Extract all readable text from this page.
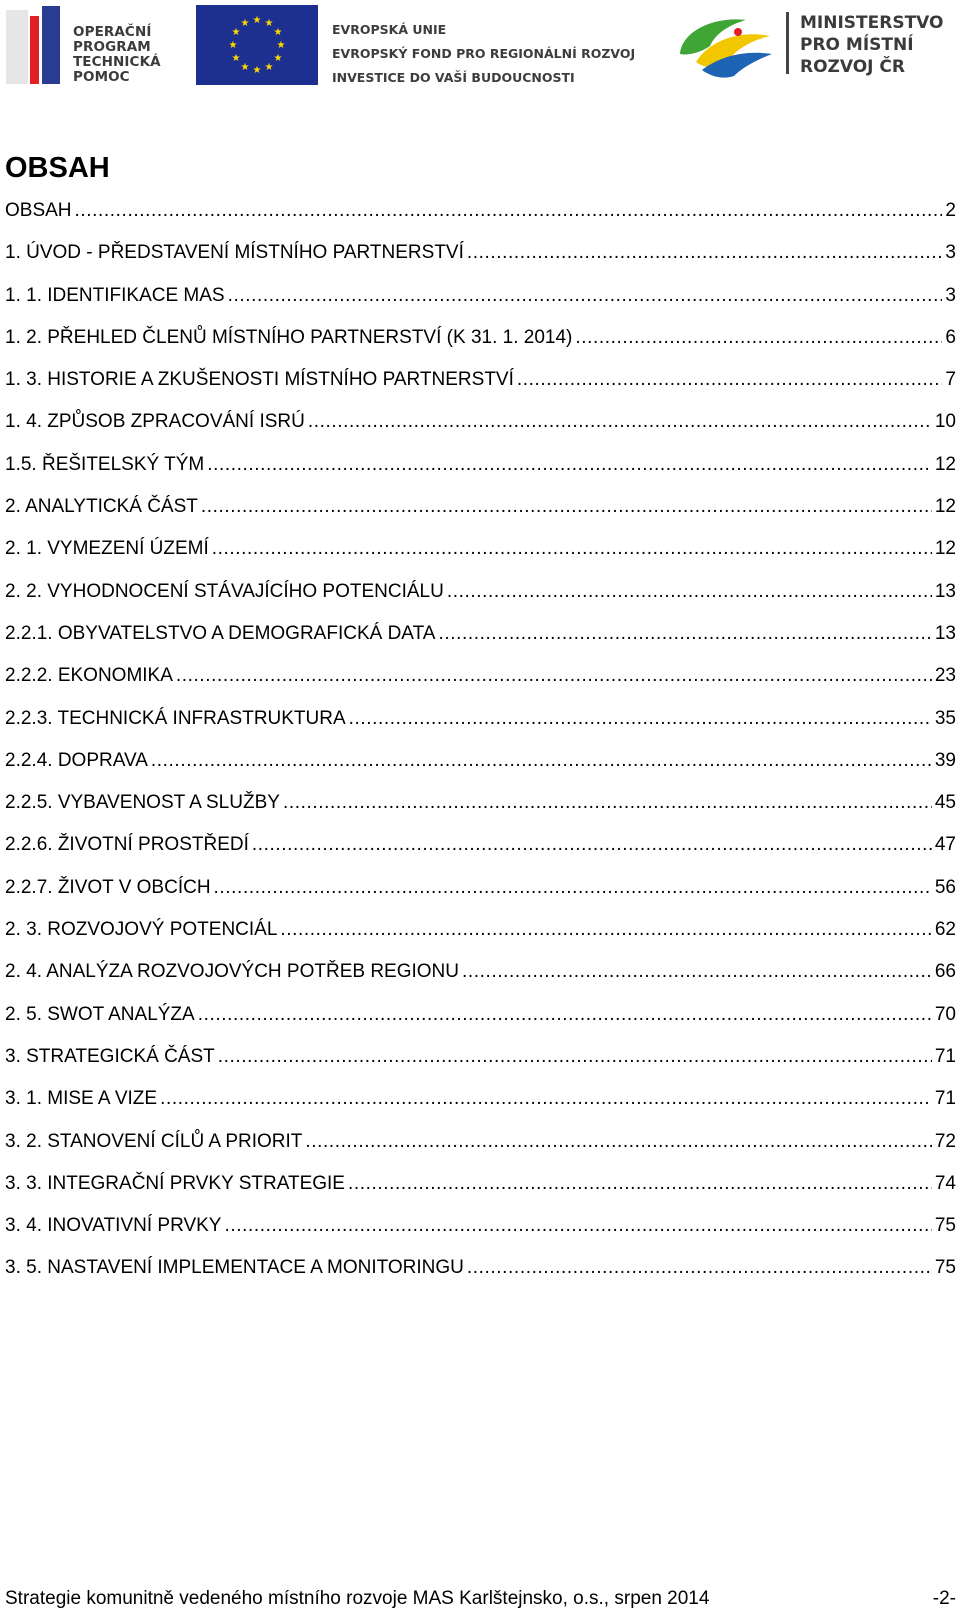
OPERAČNÍ
PROGRAM
TECHNICKÁ
POMOC
★ ★
★
★
★
★
★
★
★
★
★
★	EVROPSKÁ UNIE
EVROPSKÝ FOND PRO REGIONÁLNÍ ROZVOJ
INVESTICE DO VAŠÍ BUDOUCNOSTI
MINISTERSTVO
PRO MÍSTNÍ
ROZVOJ ČR
OBSAH
OBSAH .....	2
1. ÚVOD - PŘEDSTAVENÍ MÍSTNÍHO PARTNERSTVÍ .....	3
1. 1. IDENTIFIKACE MAS .....	3
1. 2. PŘEHLED ČLENŮ MÍSTNÍHO PARTNERSTVÍ (K 31. 1. 2014) .....	6
1. 3. HISTORIE A ZKUŠENOSTI MÍSTNÍHO PARTNERSTVÍ .....	7
1. 4. ZPŮSOB ZPRACOVÁNÍ ISRÚ .....	10
1.5. ŘEŠITELSKÝ TÝM .....	12
2. ANALYTICKÁ ČÁST .....	12
2. 1. VYMEZENÍ ÚZEMÍ .....	12
2. 2. VYHODNOCENÍ STÁVAJÍCÍHO POTENCIÁLU .....	13
2.2.1. OBYVATELSTVO A DEMOGRAFICKÁ DATA .....	13
2.2.2. EKONOMIKA .....	23
2.2.3. TECHNICKÁ INFRASTRUKTURA .....	35
2.2.4. DOPRAVA .....	39
2.2.5. VYBAVENOST A SLUŽBY .....	45
2.2.6. ŽIVOTNÍ PROSTŘEDÍ .....	47
2.2.7. ŽIVOT V OBCÍCH .....	56
2. 3. ROZVOJOVÝ POTENCIÁL .....	62
2. 4. ANALÝZA ROZVOJOVÝCH POTŘEB REGIONU .....	66
2. 5. SWOT ANALÝZA .....	70
3. STRATEGICKÁ ČÁST .....	71
3. 1. MISE A VIZE .....	71
3. 2. STANOVENÍ CÍLŮ A PRIORIT .....	72
3. 3. INTEGRAČNÍ PRVKY STRATEGIE .....	74
3. 4. INOVATIVNÍ PRVKY .....	75
3. 5. NASTAVENÍ IMPLEMENTACE A MONITORINGU .....	75
Strategie komunitně vedeného místního rozvoje MAS Karlštejnsko, o.s., srpen 2014	-2-
